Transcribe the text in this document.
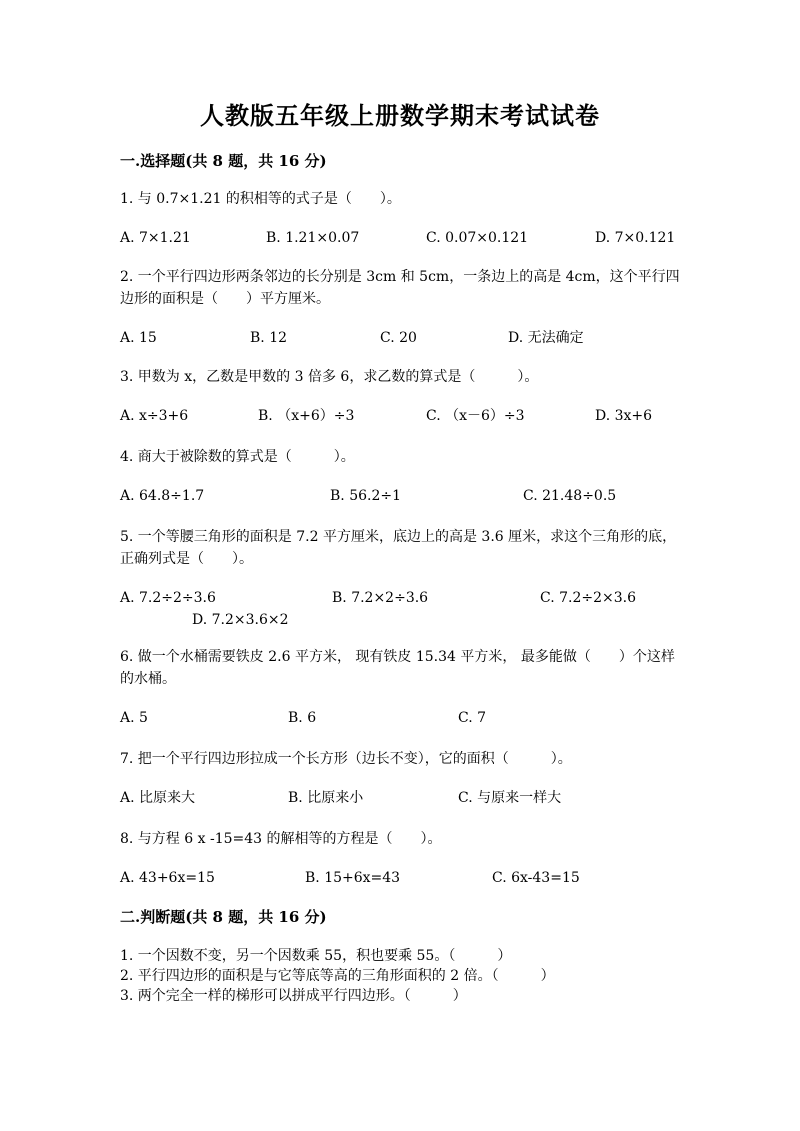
人教版五年级上册数学期末考试试卷
一.选择题(共 8 题，共 16 分)
1. 与 0.7×1.21 的积相等的式子是（　　）。
A. 7×1.21	B. 1.21×0.07	C. 0.07×0.121	D. 7×0.121
2. 一个平行四边形两条邻边的长分别是 3cm 和 5cm，一条边上的高是 4cm，这个平行四边形的面积是（　　）平方厘米。
A. 15	B. 12	C. 20	D. 无法确定
3. 甲数为 x，乙数是甲数的 3 倍多 6，求乙数的算式是（　　　）。
A. x÷3+6	B. （x+6）÷3	C. （x－6）÷3	D. 3x+6
4. 商大于被除数的算式是（　　　）。
A. 64.8÷1.7	B. 56.2÷1	C. 21.48÷0.5
5. 一个等腰三角形的面积是 7.2 平方厘米，底边上的高是 3.6 厘米，求这个三角形的底，正确列式是（　　）。
A. 7.2÷2÷3.6	B. 7.2×2÷3.6	C. 7.2÷2×3.6
D. 7.2×3.6×2
6. 做一个水桶需要铁皮 2.6 平方米， 现有铁皮 15.34 平方米， 最多能做（　　）个这样的水桶。
A. 5	B. 6	C. 7
7. 把一个平行四边形拉成一个长方形（边长不变），它的面积（　　　）。
A. 比原来大	B. 比原来小	C. 与原来一样大
8. 与方程 6 x -15=43 的解相等的方程是（　　）。
A. 43+6x=15	B. 15+6x=43	C. 6x-43=15
二.判断题(共 8 题，共 16 分)
1. 一个因数不变，另一个因数乘 55，积也要乘 55。（　　　）
2. 平行四边形的面积是与它等底等高的三角形面积的 2 倍。（　　　）
3. 两个完全一样的梯形可以拼成平行四边形。（　　　）
